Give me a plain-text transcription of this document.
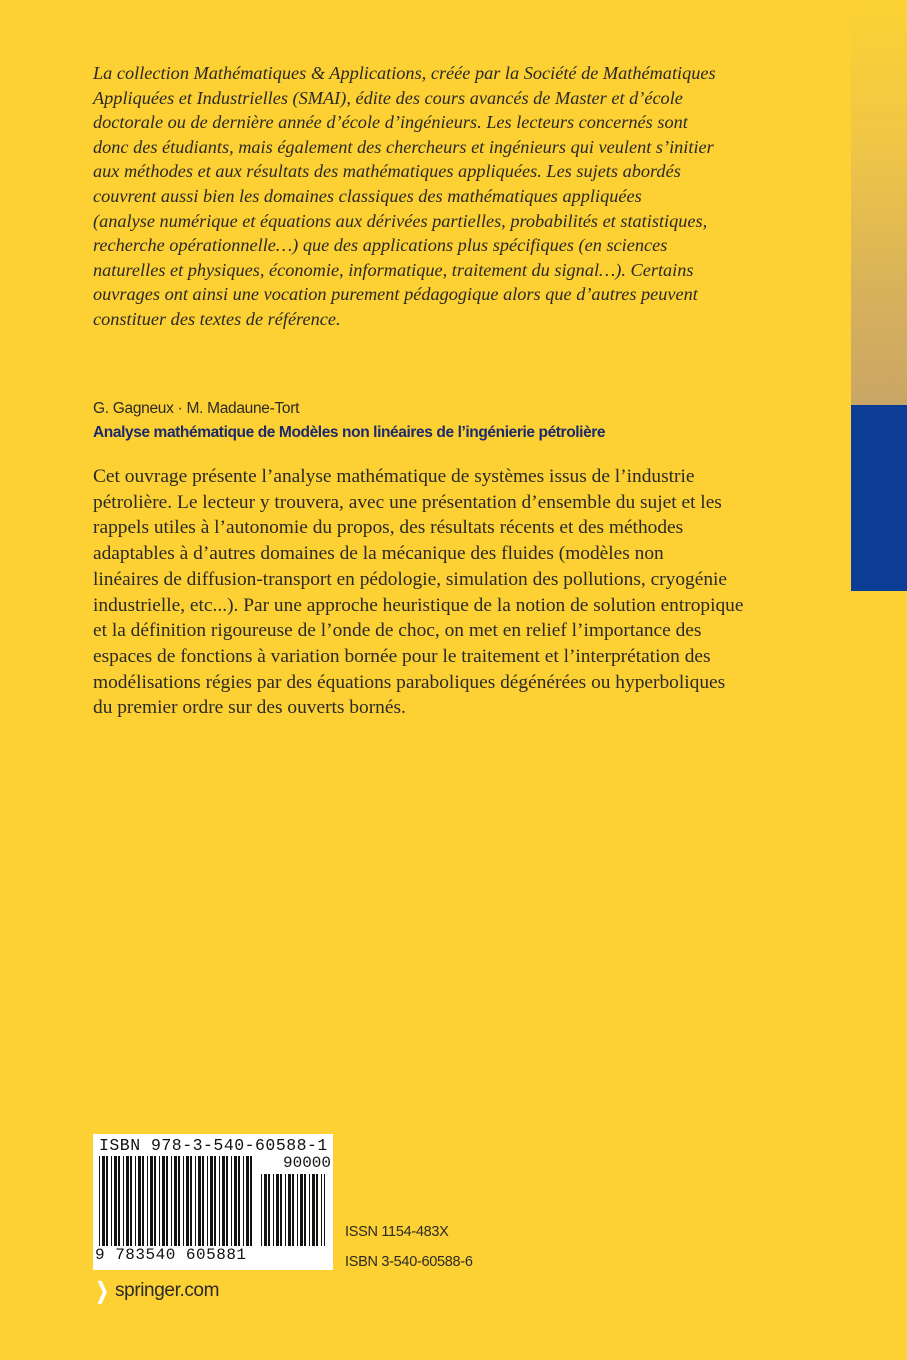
La collection Mathématiques & Applications, créée par la Société de Mathématiques
Appliquées et Industrielles (SMAI), édite des cours avancés de Master et d’école
doctorale ou de dernière année d’école d’ingénieurs. Les lecteurs concernés sont
donc des étudiants, mais également des chercheurs et ingénieurs qui veulent s’initier
aux méthodes et aux résultats des mathématiques appliquées. Les sujets abordés
couvrent aussi bien les domaines classiques des mathématiques appliquées
(analyse numérique et équations aux dérivées partielles, probabilités et statistiques,
recherche opérationnelle…) que des applications plus spécifiques (en sciences
naturelles et physiques, économie, informatique, traitement du signal…). Certains
ouvrages ont ainsi une vocation purement pédagogique alors que d’autres peuvent
constituer des textes de référence.

G. Gagneux · M. Madaune-Tort
Analyse mathématique de Modèles non linéaires de l’ingénierie pétrolière

Cet ouvrage présente l’analyse mathématique de systèmes issus de l’industrie
pétrolière. Le lecteur y trouvera, avec une présentation d’ensemble du sujet et les
rappels utiles à l’autonomie du propos, des résultats récents et des méthodes
adaptables à d’autres domaines de la mécanique des fluides (modèles non
linéaires de diffusion-transport en pédologie, simulation des pollutions, cryogénie
industrielle, etc...). Par une approche heuristique de la notion de solution entropique
et la définition rigoureuse de l’onde de choc, on met en relief l’importance des
espaces de fonctions à variation bornée pour le traitement et l’interprétation des
modélisations régies par des équations paraboliques dégénérées ou hyperboliques
du premier ordre sur des ouverts bornés.

ISBN 978-3-540-60588-1
90000
9 783540 605881
ISSN 1154-483X
ISBN 3-540-60588-6
❯ springer.com
